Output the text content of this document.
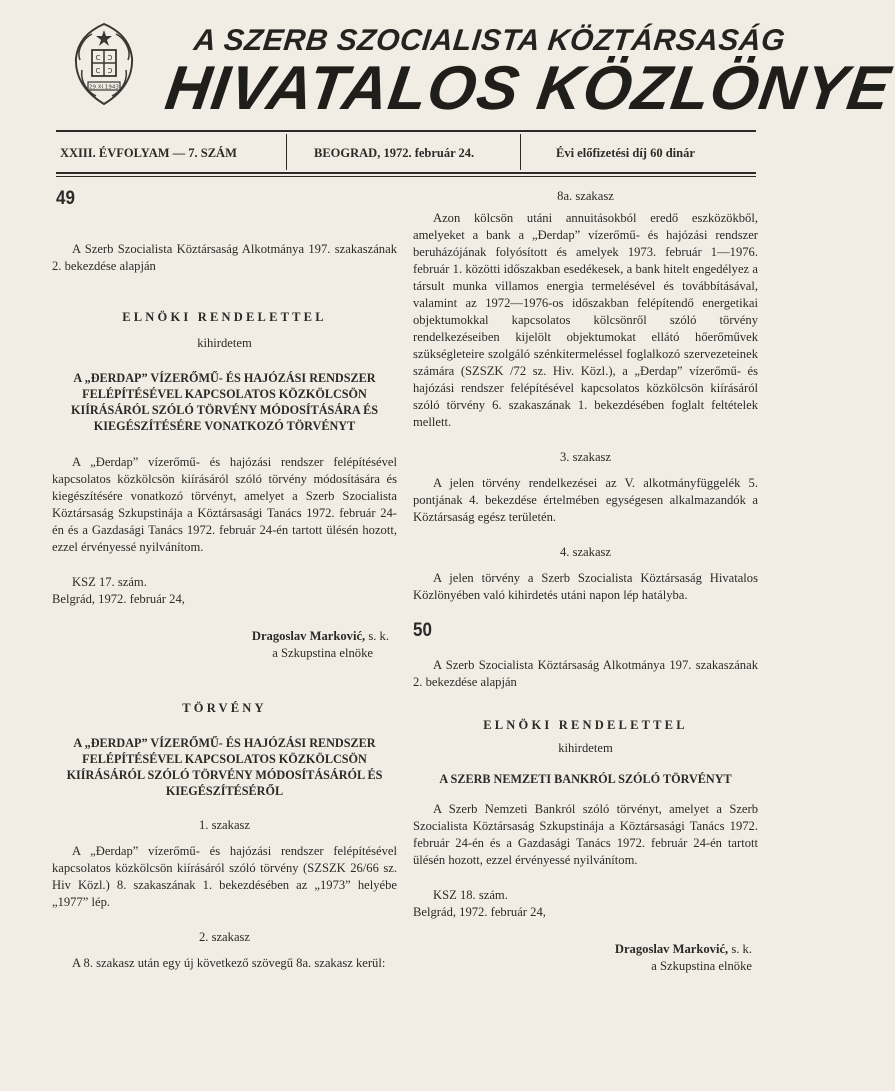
C Ɔ
C Ɔ
29.XI.1943
A SZERB SZOCIALISTA KÖZTÁRSASÁG
HIVATALOS KÖZLÖNYE
XXIII. ÉVFOLYAM — 7. SZÁM	BEOGRAD, 1972. február 24.	Évi előfizetési díj 60 dinár
49

A Szerb Szocialista Köztársaság Alkotmánya 197. szakaszának 2. bekezdése alapján

ELNÖKI RENDELETTEL

kihirdetem

A „ĐERDAP” VÍZERŐMŰ- ÉS HAJÓZÁSI RENDSZER FELÉPÍTÉSÉVEL KAPCSOLATOS KÖZKÖLCSÖN KIÍRÁSÁRÓL SZÓLÓ TÖRVÉNY MÓDOSÍTÁSÁRA ÉS KIEGÉSZÍTÉSÉRE VONATKOZÓ TÖRVÉNYT

A „Đerdap” vízerőmű- és hajózási rendszer felépítésével kapcsolatos közkölcsön kiírásáról szóló törvény módosítására és kiegészítésére vonatkozó törvényt, amelyet a Szerb Szocialista Köztársaság Szkupstinája a Köztársasági Tanács 1972. február 24-én és a Gazdasági Tanács 1972. február 24-én tartott ülésén hozott, ezzel érvényessé nyilvánítom.

KSZ 17. szám.

Belgrád, 1972. február 24,

Dragoslav Marković, s. k.

a Szkupstina elnöke

TÖRVÉNY

A „ĐERDAP” VÍZERŐMŰ- ÉS HAJÓZÁSI RENDSZER FELÉPÍTÉSÉVEL KAPCSOLATOS KÖZKÖLCSÖN KIÍRÁSÁRÓL SZÓLÓ TÖRVÉNY MÓDOSÍTÁSÁRÓL ÉS KIEGÉSZÍTÉSÉRŐL

1. szakasz

A „Đerdap” vízerőmű- és hajózási rendszer felépítésével kapcsolatos közkölcsön kiírásáról szóló törvény (SZSZK 26/66 sz. Hiv Közl.) 8. szakaszának 1. bekezdésében az „1973” helyébe „1977” lép.

2. szakasz

A 8. szakasz után egy új következő szövegű 8a. szakasz kerül:

8a. szakasz

Azon kölcsön utáni annuitásokból eredő eszközökből, amelyeket a bank a „Đerdap” vízerőmű- és hajózási rendszer beruházójának folyósított és amelyek 1973. február 1—1976. február 1. közötti időszakban esedékesek, a bank hitelt engedélyez a társult munka villamos energia termelésével és továbbításával, valamint az 1972—1976-os időszakban felépítendő energetikai objektumokkal kapcsolatos kölcsönről szóló törvény rendelkezéseiben kijelölt objektumokat ellátó hőerőművek szükségleteire szolgáló szénkitermeléssel foglalkozó szervezeteinek számára (SZSZK /72 sz. Hiv. Közl.), a „Đerdap” vízerőmű- és hajózási rendszer felépítésével kapcsolatos közkölcsön kiírásáról szóló törvény 6. szakaszának 1. bekezdésében foglalt feltételek mellett.

3. szakasz

A jelen törvény rendelkezései az V. alkotmányfüggelék 5. pontjának 4. bekezdése értelmében egységesen alkalmazandók a Köztársaság egész területén.

4. szakasz

A jelen törvény a Szerb Szocialista Köztársaság Hivatalos Közlönyében való kihirdetés utáni napon lép hatályba.

50

A Szerb Szocialista Köztársaság Alkotmánya 197. szakaszának 2. bekezdése alapján

ELNÖKI RENDELETTEL

kihirdetem

A SZERB NEMZETI BANKRÓL SZÓLÓ TÖRVÉNYT

A Szerb Nemzeti Bankról szóló törvényt, amelyet a Szerb Szocialista Köztársaság Szkupstinája a Köztársasági Tanács 1972. február 24-én és a Gazdasági Tanács 1972. február 24-én tartott ülésén hozott, ezzel érvényessé nyilvánítom.

KSZ 18. szám.

Belgrád, 1972. február 24,

Dragoslav Marković, s. k.

a Szkupstina elnöke
